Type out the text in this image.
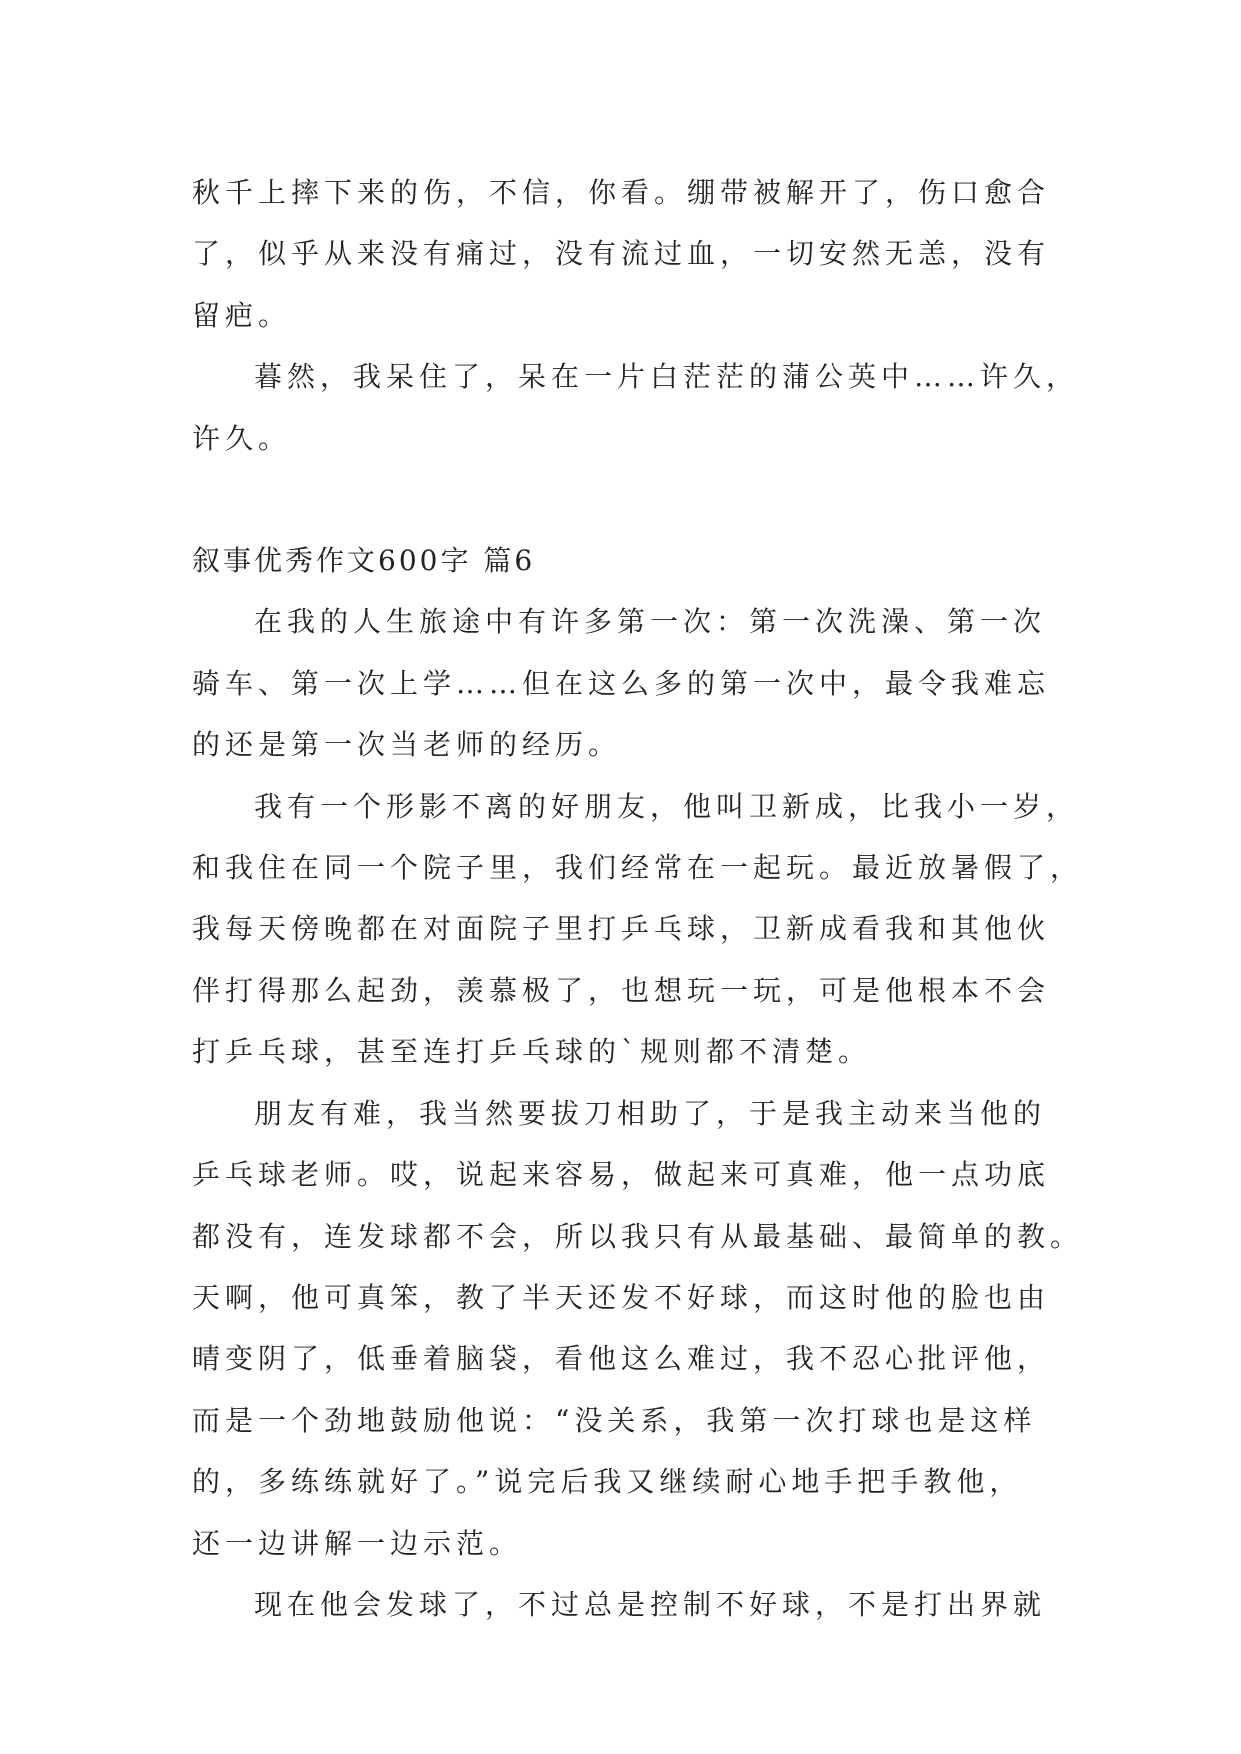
秋千上摔下来的伤，不信，你看。绷带被解开了，伤口愈合
了，似乎从来没有痛过，没有流过血，一切安然无恙，没有
留疤。
暮然，我呆住了，呆在一片白茫茫的蒲公英中……许久，
许久。
叙事优秀作文600字 篇6
在我的人生旅途中有许多第一次：第一次洗澡、第一次
骑车、第一次上学……但在这么多的第一次中，最令我难忘
的还是第一次当老师的经历。
我有一个形影不离的好朋友，他叫卫新成，比我小一岁，
和我住在同一个院子里，我们经常在一起玩。最近放暑假了，
我每天傍晚都在对面院子里打乒乓球，卫新成看我和其他伙
伴打得那么起劲，羡慕极了，也想玩一玩，可是他根本不会
打乒乓球，甚至连打乒乓球的`规则都不清楚。
朋友有难，我当然要拔刀相助了，于是我主动来当他的
乒乓球老师。哎，说起来容易，做起来可真难，他一点功底
都没有，连发球都不会，所以我只有从最基础、最简单的教。
天啊，他可真笨，教了半天还发不好球，而这时他的脸也由
晴变阴了，低垂着脑袋，看他这么难过，我不忍心批评他，
而是一个劲地鼓励他说：“没关系，我第一次打球也是这样
的，多练练就好了。”说完后我又继续耐心地手把手教他，
还一边讲解一边示范。
现在他会发球了，不过总是控制不好球，不是打出界就
